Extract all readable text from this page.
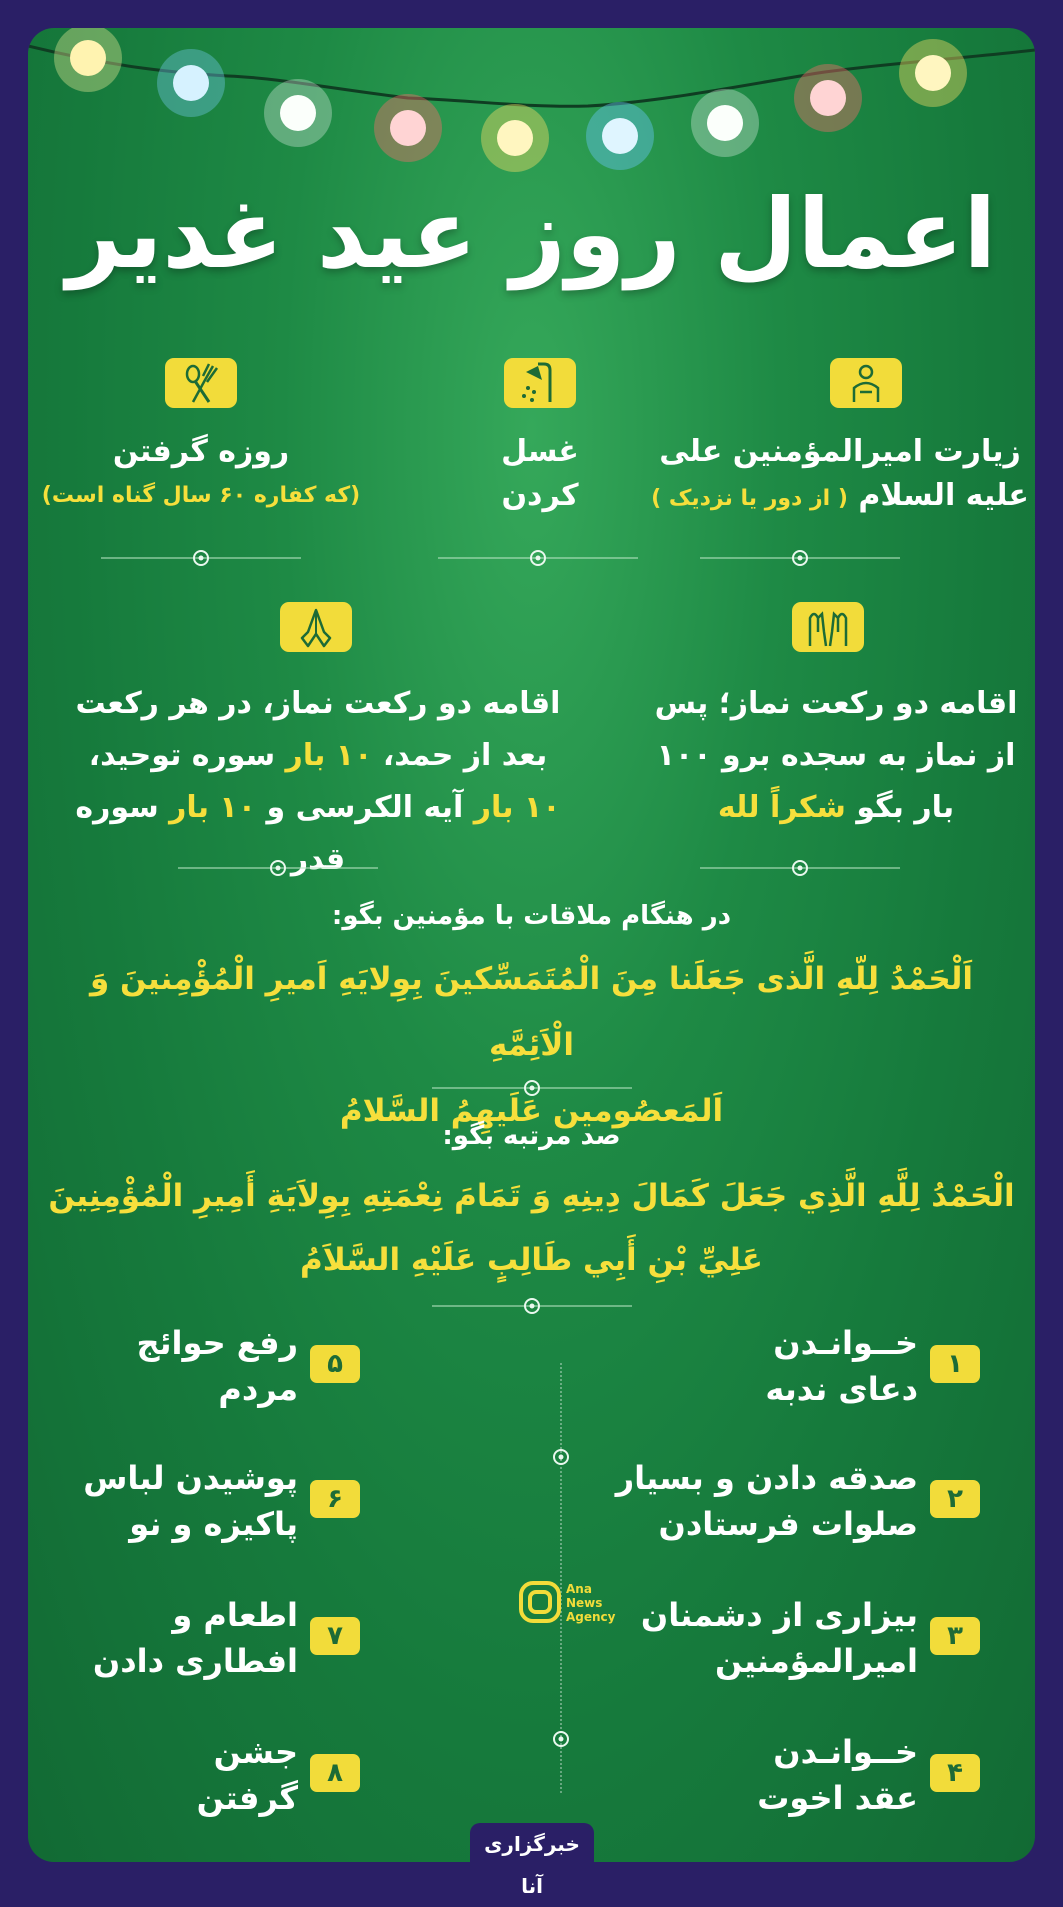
اعمال روز عید غدیر
زیارت امیرالمؤمنین علی
علیه السلام ( از دور یا نزدیک )
غسل
کردن
روزه گرفتن
(که کفاره ۶۰ سال گناه است)
اقامه دو رکعت نماز؛ پس
از نماز به سجده برو ۱۰۰
بار بگو شکراً لله
اقامه دو رکعت نماز، در هر رکعت
بعد از حمد، ۱۰ بار سوره توحید،
۱۰ بار آیه الکرسی و ۱۰ بار سوره قدر
در هنگام ملاقات با مؤمنین بگو:
اَلْحَمْدُ لِلّهِ الَّذی جَعَلَنا مِنَ الْمُتَمَسِّکینَ بِوِلایَهِ اَمیرِ الْمُؤْمِنینَ وَ الْاَئِمَّهِ
اَلمَعصُومین عَلَیهِمُ السَّلامُ
صد مرتبه بگو:
الْحَمْدُ لِلَّهِ الَّذِي جَعَلَ كَمَالَ دِينِهِ وَ تَمَامَ نِعْمَتِهِ بِوِلاَيَةِ أَمِيرِ الْمُؤْمِنِينَ
عَلِيِّ بْنِ أَبِي طَالِبٍ عَلَيْهِ السَّلاَمُ
Ana
News
Agency
۱
خــوانـدن
دعای ندبه
۲
صدقه دادن و بسیار
صلوات فرستادن
۳
بیزاری از دشمنان
امیرالمؤمنین
۴
خــوانـدن
عقد اخوت
۵
رفع حوائج
مردم
۶
پوشیدن لباس
پاکیزه و نو
۷
اطعام و
افطاری دادن
۸
جشن
گرفتن
خبرگزاری آنا
